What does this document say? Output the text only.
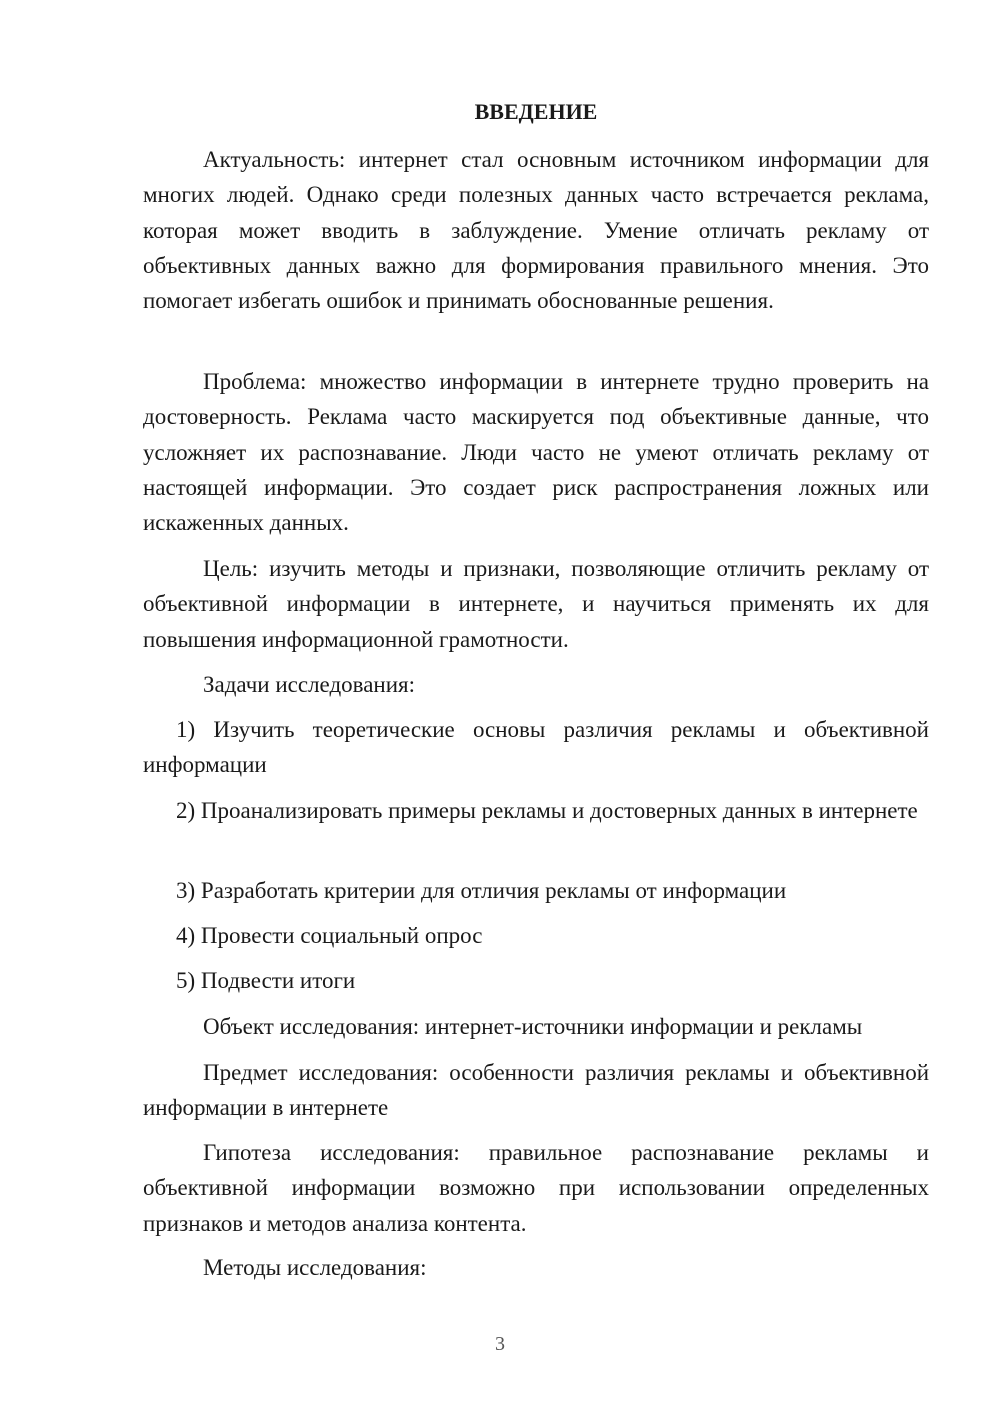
ВВЕДЕНИЕ

Актуальность: интернет стал основным источником информации для многих людей. Однако среди полезных данных часто встречается реклама, которая может вводить в заблуждение. Умение отличать рекламу от объективных данных важно для формирования правильного мнения. Это помогает избегать ошибок и принимать обоснованные решения.

Проблема: множество информации в интернете трудно проверить на достоверность. Реклама часто маскируется под объективные данные, что усложняет их распознавание. Люди часто не умеют отличать рекламу от настоящей информации. Это создает риск распространения ложных или искаженных данных.

Цель: изучить методы и признаки, позволяющие отличить рекламу от объективной информации в интернете, и научиться применять их для повышения информационной грамотности.

Задачи исследования:

1) Изучить теоретические основы различия рекламы и объективной информации

2) Проанализировать примеры рекламы и достоверных данных в интернете

3) Разработать критерии для отличия рекламы от информации

4) Провести социальный опрос

5) Подвести итоги

Объект исследования: интернет-источники информации и рекламы

Предмет исследования: особенности различия рекламы и объективной информации в интернете

Гипотеза исследования: правильное распознавание рекламы и объективной информации возможно при использовании определенных признаков и методов анализа контента.

Методы исследования:

3
